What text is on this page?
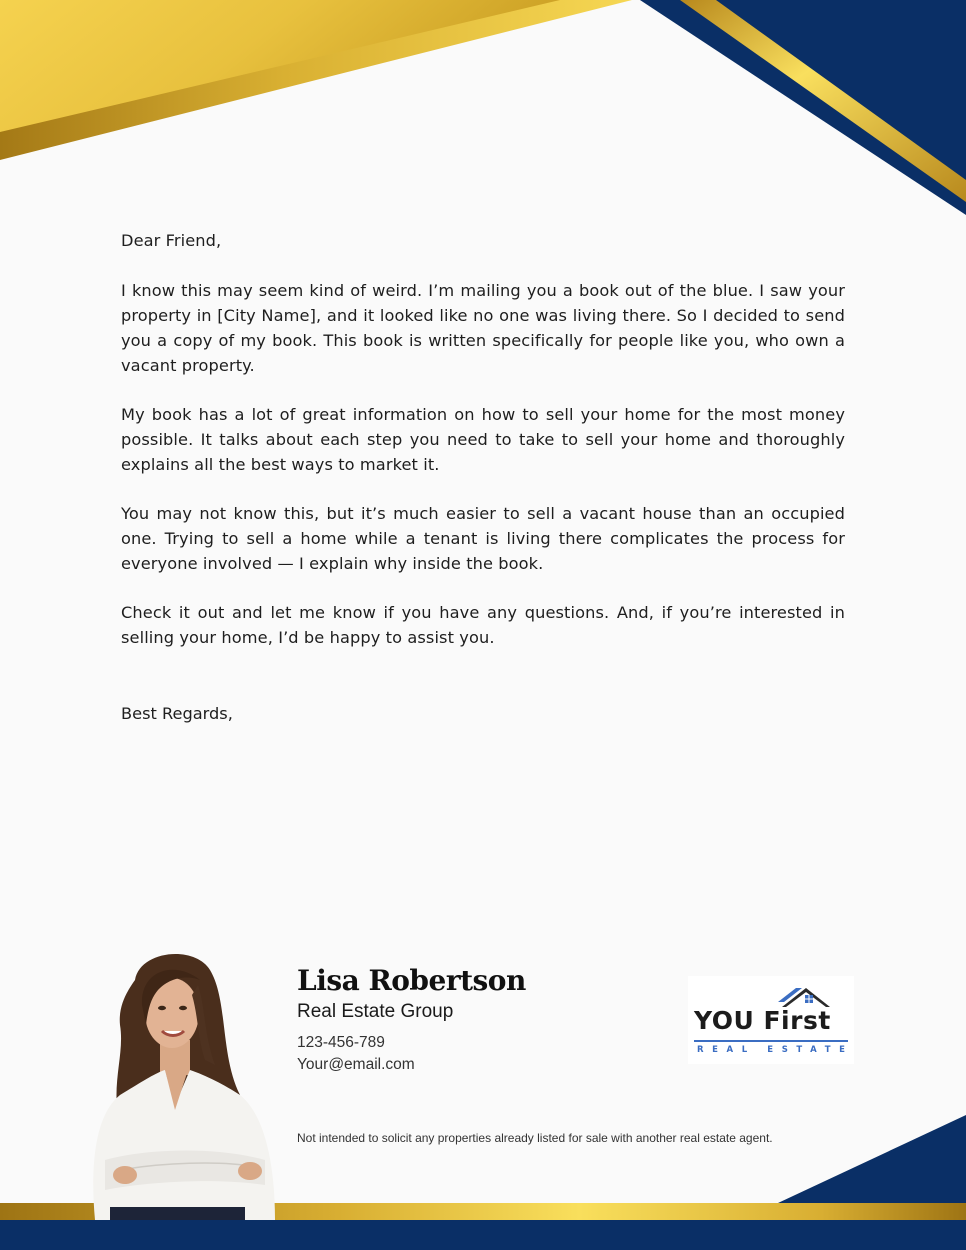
Dear Friend,

I know this may seem kind of weird. I’m mailing you a book out of the blue. I saw your property in [City Name], and it looked like no one was living there. So I decided to send you a copy of my book. This book is written specifically for people like you, who own a vacant property.

My book has a lot of great information on how to sell your home for the most money possible. It talks about each step you need to take to sell your home and thoroughly explains all the best ways to market it.

You may not know this, but it’s much easier to sell a vacant house than an occupied one. Trying to sell a home while a tenant is living there complicates the process for everyone involved — I explain why inside the book.

Check it out and let me know if you have any questions. And, if you’re interested in selling your home, I’d be happy to assist you.

Best Regards,
Lisa Robertson
Real Estate Group
123-456-789
Your@email.com
YOU First
REAL ESTATE
Not intended to solicit any properties already listed for sale with another real estate agent.
